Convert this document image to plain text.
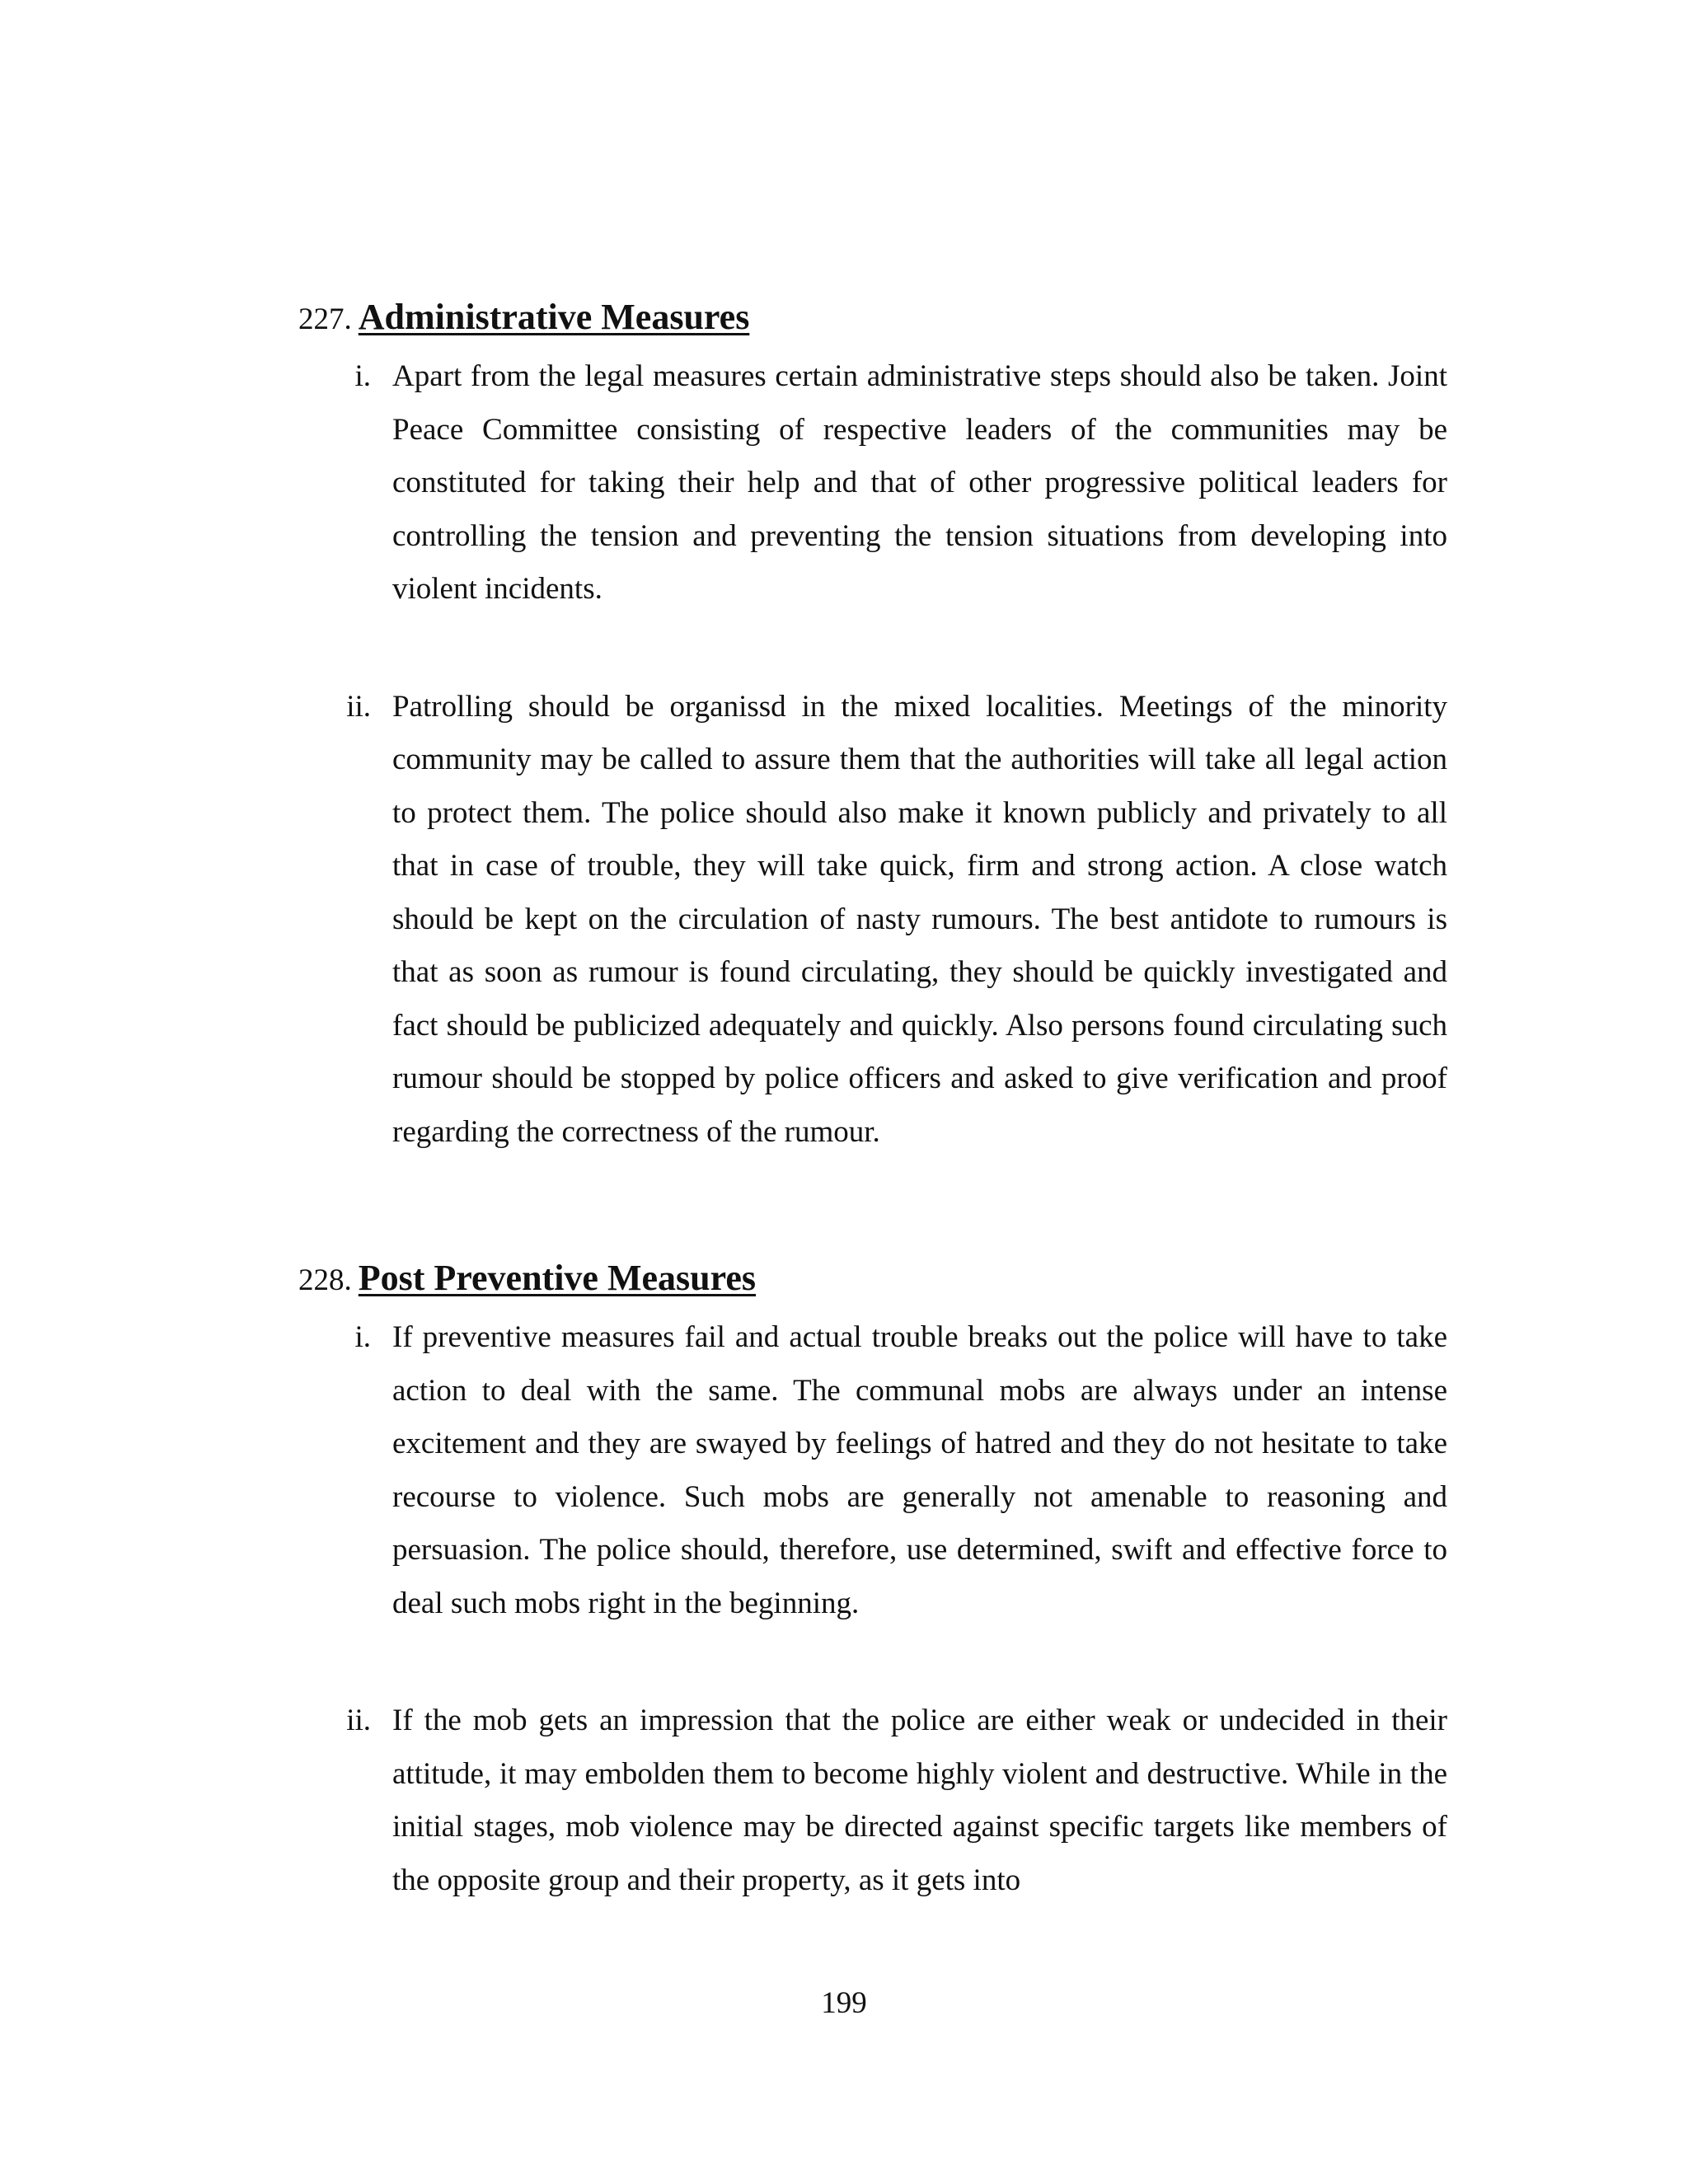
227. Administrative Measures
i. Apart from the legal measures certain administrative steps should also be taken. Joint Peace Committee consisting of respective leaders of the communities may be constituted for taking their help and that of other progressive political leaders for controlling the tension and preventing the tension situations from developing into violent incidents.
ii. Patrolling should be organissd in the mixed localities. Meetings of the minority community may be called to assure them that the authorities will take all legal action to protect them. The police should also make it known publicly and privately to all that in case of trouble, they will take quick, firm and strong action. A close watch should be kept on the circulation of nasty rumours. The best antidote to rumours is that as soon as rumour is found circulating, they should be quickly investigated and fact should be publicized adequately and quickly. Also persons found circulating such rumour should be stopped by police officers and asked to give verification and proof regarding the correctness of the rumour.
228. Post Preventive Measures
i. If preventive measures fail and actual trouble breaks out the police will have to take action to deal with the same. The communal mobs are always under an intense excitement and they are swayed by feelings of hatred and they do not hesitate to take recourse to violence. Such mobs are generally not amenable to reasoning and persuasion. The police should, therefore, use determined, swift and effective force to deal such mobs right in the beginning.
ii. If the mob gets an impression that the police are either weak or undecided in their attitude, it may embolden them to become highly violent and destructive. While in the initial stages, mob violence may be directed against specific targets like members of the opposite group and their property, as it gets into
199
